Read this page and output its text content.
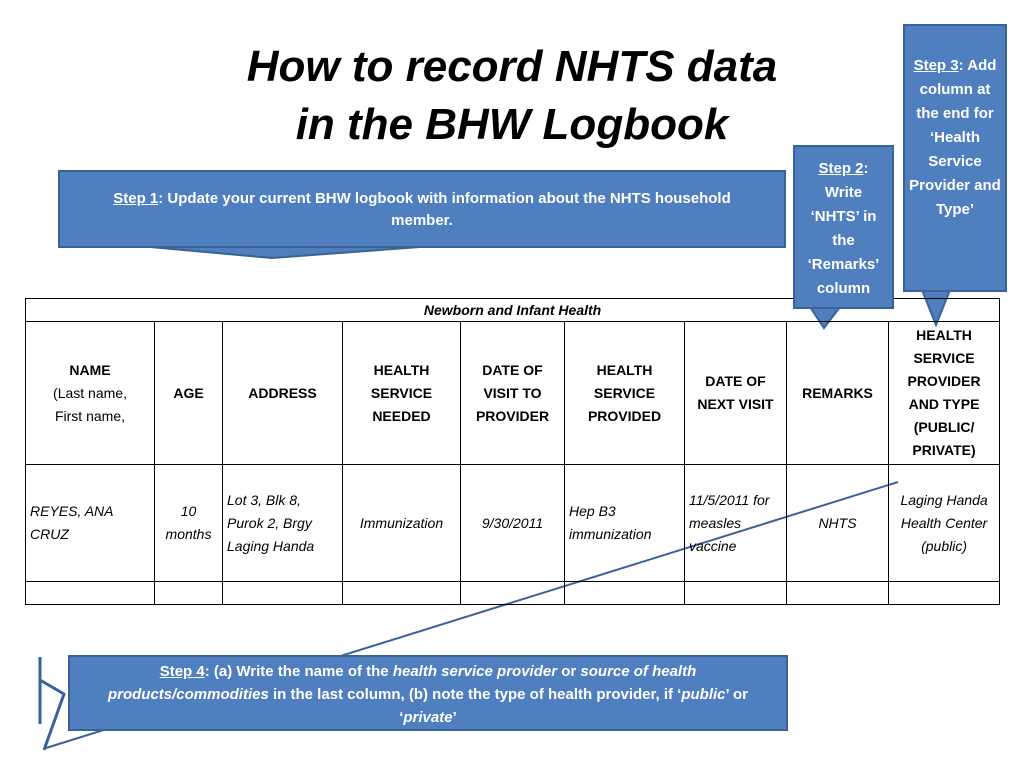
How to record NHTS data
in the BHW Logbook
Newborn and Infant Health								

NAME
(Last name,
First name,	AGE	ADDRESS	HEALTH SERVICE NEEDED	DATE OF VISIT TO PROVIDER	HEALTH SERVICE PROVIDED	DATE OF NEXT VISIT	REMARKS	HEALTH SERVICE PROVIDER AND TYPE (PUBLIC/ PRIVATE)
REYES, ANA CRUZ	10 months	Lot 3, Blk 8, Purok 2, Brgy Laging Handa	Immunization	9/30/2011	Hep B3 immunization	11/5/2011 for measles vaccine	NHTS	Laging Handa Health Center (public)

Step 1: Update your current BHW logbook with information about the NHTS household member.
Step 2: Write ‘NHTS’ in the ‘Remarks’ column
Step 3: Add column at the end for ‘Health Service Provider and Type’
Step 4: (a) Write the name of the health service provider or source of health products/commodities in the last column, (b) note the type of health provider, if ‘public’ or ‘private’
